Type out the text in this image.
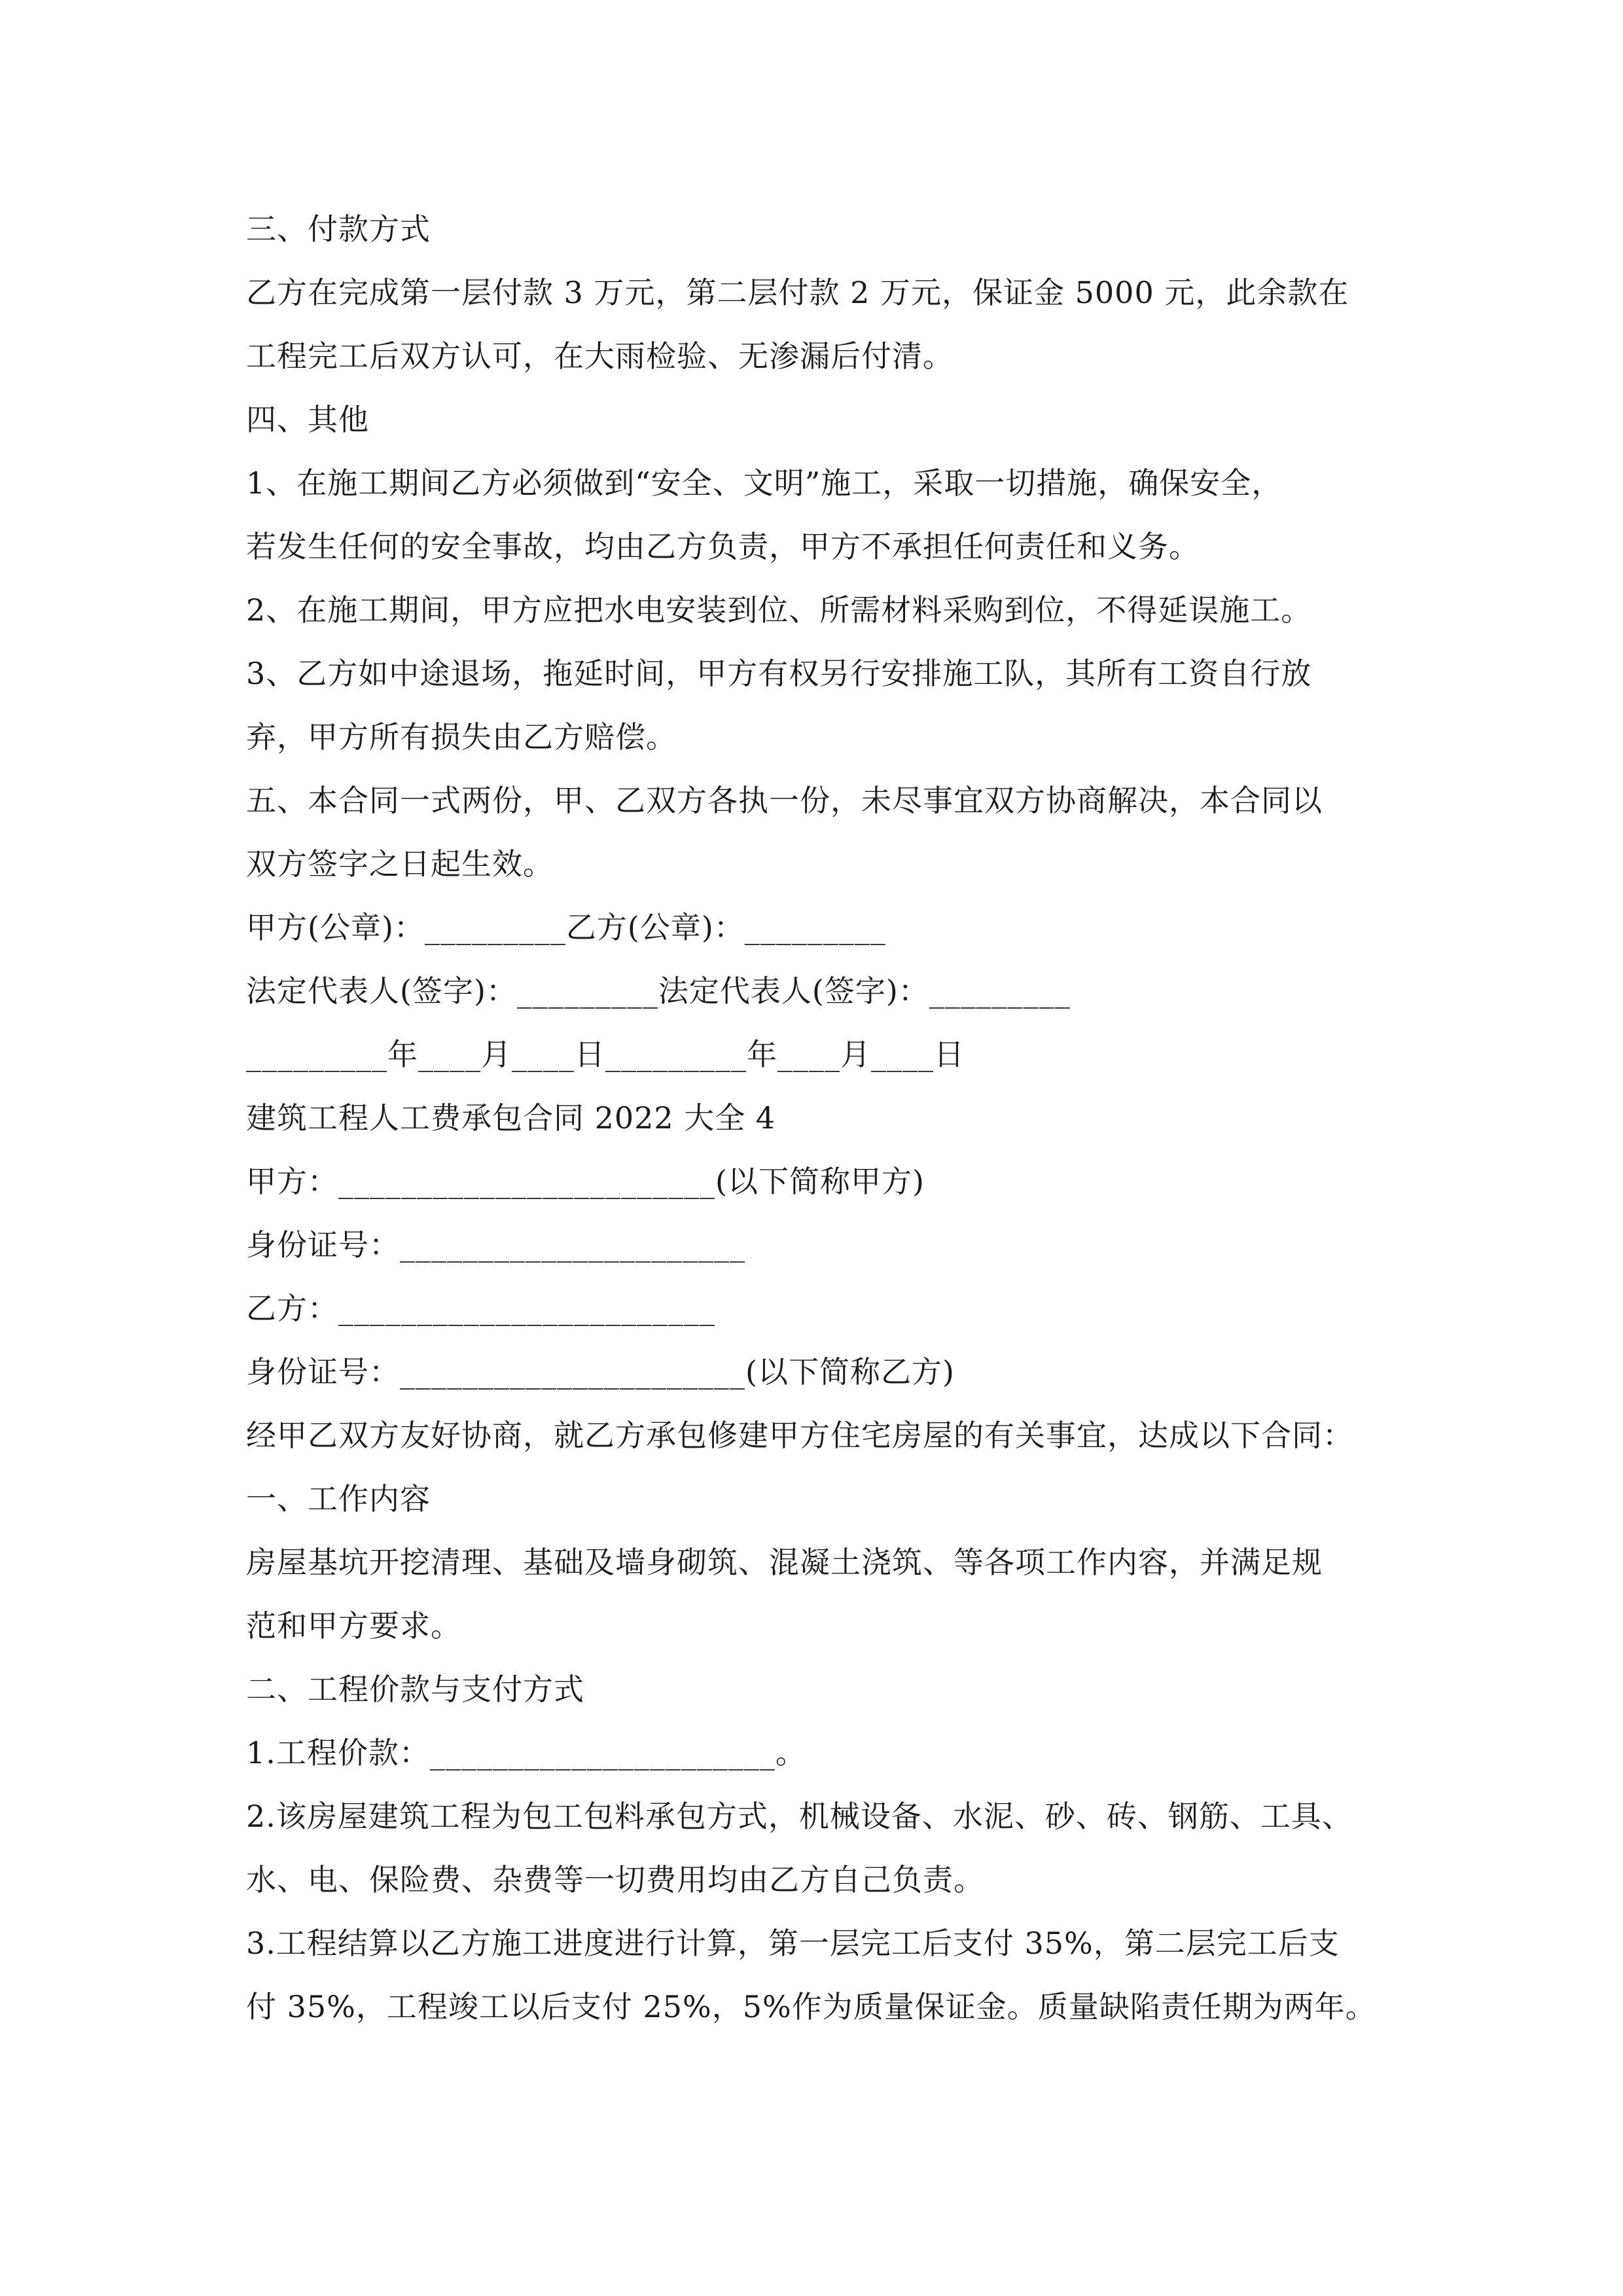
三、付款方式
乙方在完成第一层付款 3 万元，第二层付款 2 万元，保证金 5000 元，此余款在
工程完工后双方认可，在大雨检验、无渗漏后付清。
四、其他
1、在施工期间乙方必须做到“安全、文明”施工，采取一切措施，确保安全，
若发生任何的安全事故，均由乙方负责，甲方不承担任何责任和义务。
2、在施工期间，甲方应把水电安装到位、所需材料采购到位，不得延误施工。
3、乙方如中途退场，拖延时间，甲方有权另行安排施工队，其所有工资自行放
弃，甲方所有损失由乙方赔偿。
五、本合同一式两份，甲、乙双方各执一份，未尽事宜双方协商解决，本合同以
双方签字之日起生效。
甲方(公章)：_________乙方(公章)：_________
法定代表人(签字)：_________法定代表人(签字)：_________
_________年____月____日_________年____月____日
建筑工程人工费承包合同 2022 大全 4
甲方：________________________(以下简称甲方)
身份证号：______________________
乙方：________________________
身份证号：______________________(以下简称乙方)
经甲乙双方友好协商，就乙方承包修建甲方住宅房屋的有关事宜，达成以下合同：
一、工作内容
房屋基坑开挖清理、基础及墙身砌筑、混凝土浇筑、等各项工作内容，并满足规
范和甲方要求。
二、工程价款与支付方式
1.工程价款：______________________。
2.该房屋建筑工程为包工包料承包方式，机械设备、水泥、砂、砖、钢筋、工具、
水、电、保险费、杂费等一切费用均由乙方自己负责。
3.工程结算以乙方施工进度进行计算，第一层完工后支付 35%，第二层完工后支
付 35%，工程竣工以后支付 25%，5%作为质量保证金。质量缺陷责任期为两年。
